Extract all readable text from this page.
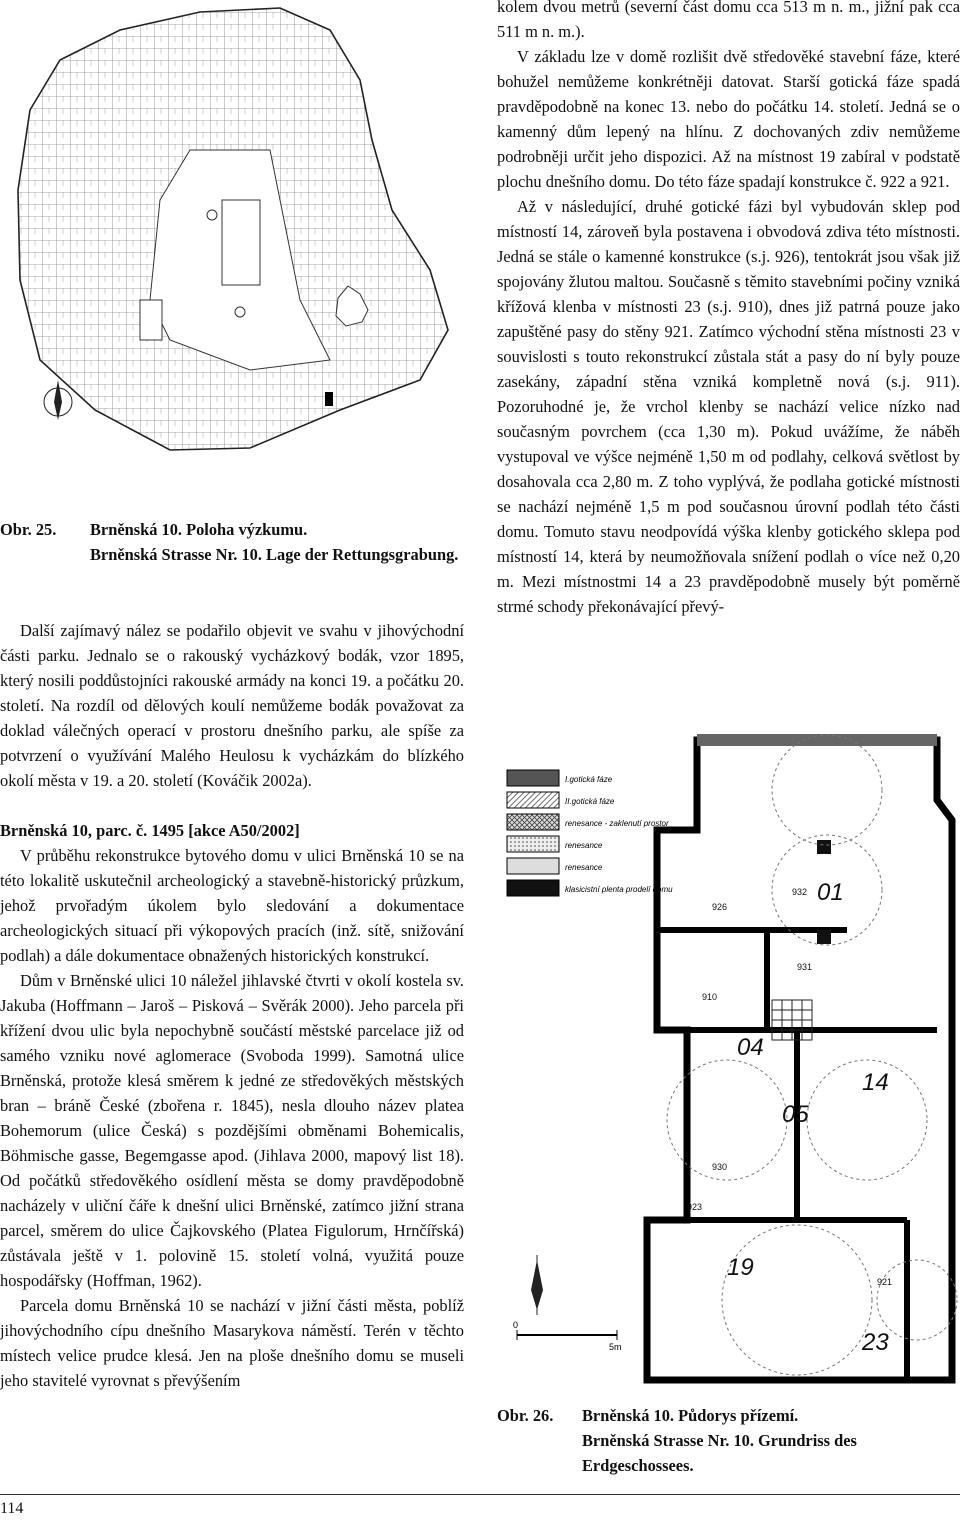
Obr. 25. Brněnská 10. Poloha výzkumu.
Brněnská Strasse Nr. 10. Lage der Rettungsgrabung.

Další zajímavý nález se podařilo objevit ve svahu v jihovýchodní části parku. Jednalo se o rakouský vycházkový bodák, vzor 1895, který nosili poddůstojníci rakouské armády na konci 19. a počátku 20. století. Na rozdíl od dělových koulí nemůžeme bodák považovat za doklad válečných operací v prostoru dnešního parku, ale spíše za potvrzení o využívání Malého Heulosu k vycházkám do blízkého okolí města v 19. a 20. století (Kováčik 2002a).

Brněnská 10, parc. č. 1495 [akce A50/2002]

V průběhu rekonstrukce bytového domu v ulici Brněnská 10 se na této lokalitě uskutečnil archeologický a stavebně-historický průzkum, jehož prvořadým úkolem bylo sledování a dokumentace archeologických situací při výkopových pracích (inž. sítě, snižování podlah) a dále dokumentace obnažených historických konstrukcí.

Dům v Brněnské ulici 10 náležel jihlavské čtvrti v okolí kostela sv. Jakuba (Hoffmann – Jaroš – Pisková – Svěrák 2000). Jeho parcela při křížení dvou ulic byla nepochybně součástí městské parcelace již od samého vzniku nové aglomerace (Svoboda 1999). Samotná ulice Brněnská, protože klesá směrem k jedné ze středověkých městských bran – bráně České (zbořena r. 1845), nesla dlouho název platea Bohemorum (ulice Česká) s pozdějšími obměnami Bohemicalis, Böhmische gasse, Begemgasse apod. (Jihlava 2000, mapový list 18). Od počátků středověkého osídlení města se domy pravděpodobně nacházely v uliční čáře k dnešní ulici Brněnské, zatímco jižní strana parcel, směrem do ulice Čajkovského (Platea Figulorum, Hrnčířská) zůstávala ještě v 1. polovině 15. století volná, využitá pouze hospodářsky (Hoffman, 1962).

Parcela domu Brněnská 10 se nachází v jižní části města, poblíž jihovýchodního cípu dnešního Masarykova náměstí. Terén v těchto místech velice prudce klesá. Jen na ploše dnešního domu se museli jeho stavitelé vyrovnat s převýšením

kolem dvou metrů (severní část domu cca 513 m n. m., jižní pak cca 511 m n. m.).

V základu lze v domě rozlišit dvě středověké stavební fáze, které bohužel nemůžeme konkrétněji datovat. Starší gotická fáze spadá pravděpodobně na konec 13. nebo do počátku 14. století. Jedná se o kamenný dům lepený na hlínu. Z dochovaných zdiv nemůžeme podrobněji určit jeho dispozici. Až na místnost 19 zabíral v podstatě plochu dnešního domu. Do této fáze spadají konstrukce č. 922 a 921.

Až v následující, druhé gotické fázi byl vybudován sklep pod místností 14, zároveň byla postavena i obvodová zdiva této místnosti. Jedná se stále o kamenné konstrukce (s.j. 926), tentokrát jsou však již spojovány žlutou maltou. Současně s těmito stavebními počiny vzniká křížová klenba v místnosti 23 (s.j. 910), dnes již patrná pouze jako zapuštěné pasy do stěny 921. Zatímco východní stěna místnosti 23 v souvislosti s touto rekonstrukcí zůstala stát a pasy do ní byly pouze zasekány, západní stěna vzniká kompletně nová (s.j. 911). Pozoruhodné je, že vrchol klenby se nachází velice nízko nad současným povrchem (cca 1,30 m). Pokud uvážíme, že náběh vystupoval ve výšce nejméně 1,50 m od podlahy, celková světlost by dosahovala cca 2,80 m. Z toho vyplývá, že podlaha gotické místnosti se nachází nejméně 1,5 m pod současnou úrovní podlah této části domu. Tomuto stavu neodpovídá výška klenby gotického sklepa pod místností 14, která by neumožňovala snížení podlah o více než 0,20 m. Mezi místnostmi 14 a 23 pravděpodobně musely být poměrně strmé schody překonávající převý-

I.gotická fáze
II.gotická fáze
renesance - zaklenutí prostor
renesance
renesance
klasicistní plenta prodelí domu	01
04
05
14
19
23
932
926
931
910
930
923
921
0
5m
Obr. 26. Brněnská 10. Půdorys přízemí.
Brněnská Strasse Nr. 10. Grundriss des Erdgeschossees.
114
